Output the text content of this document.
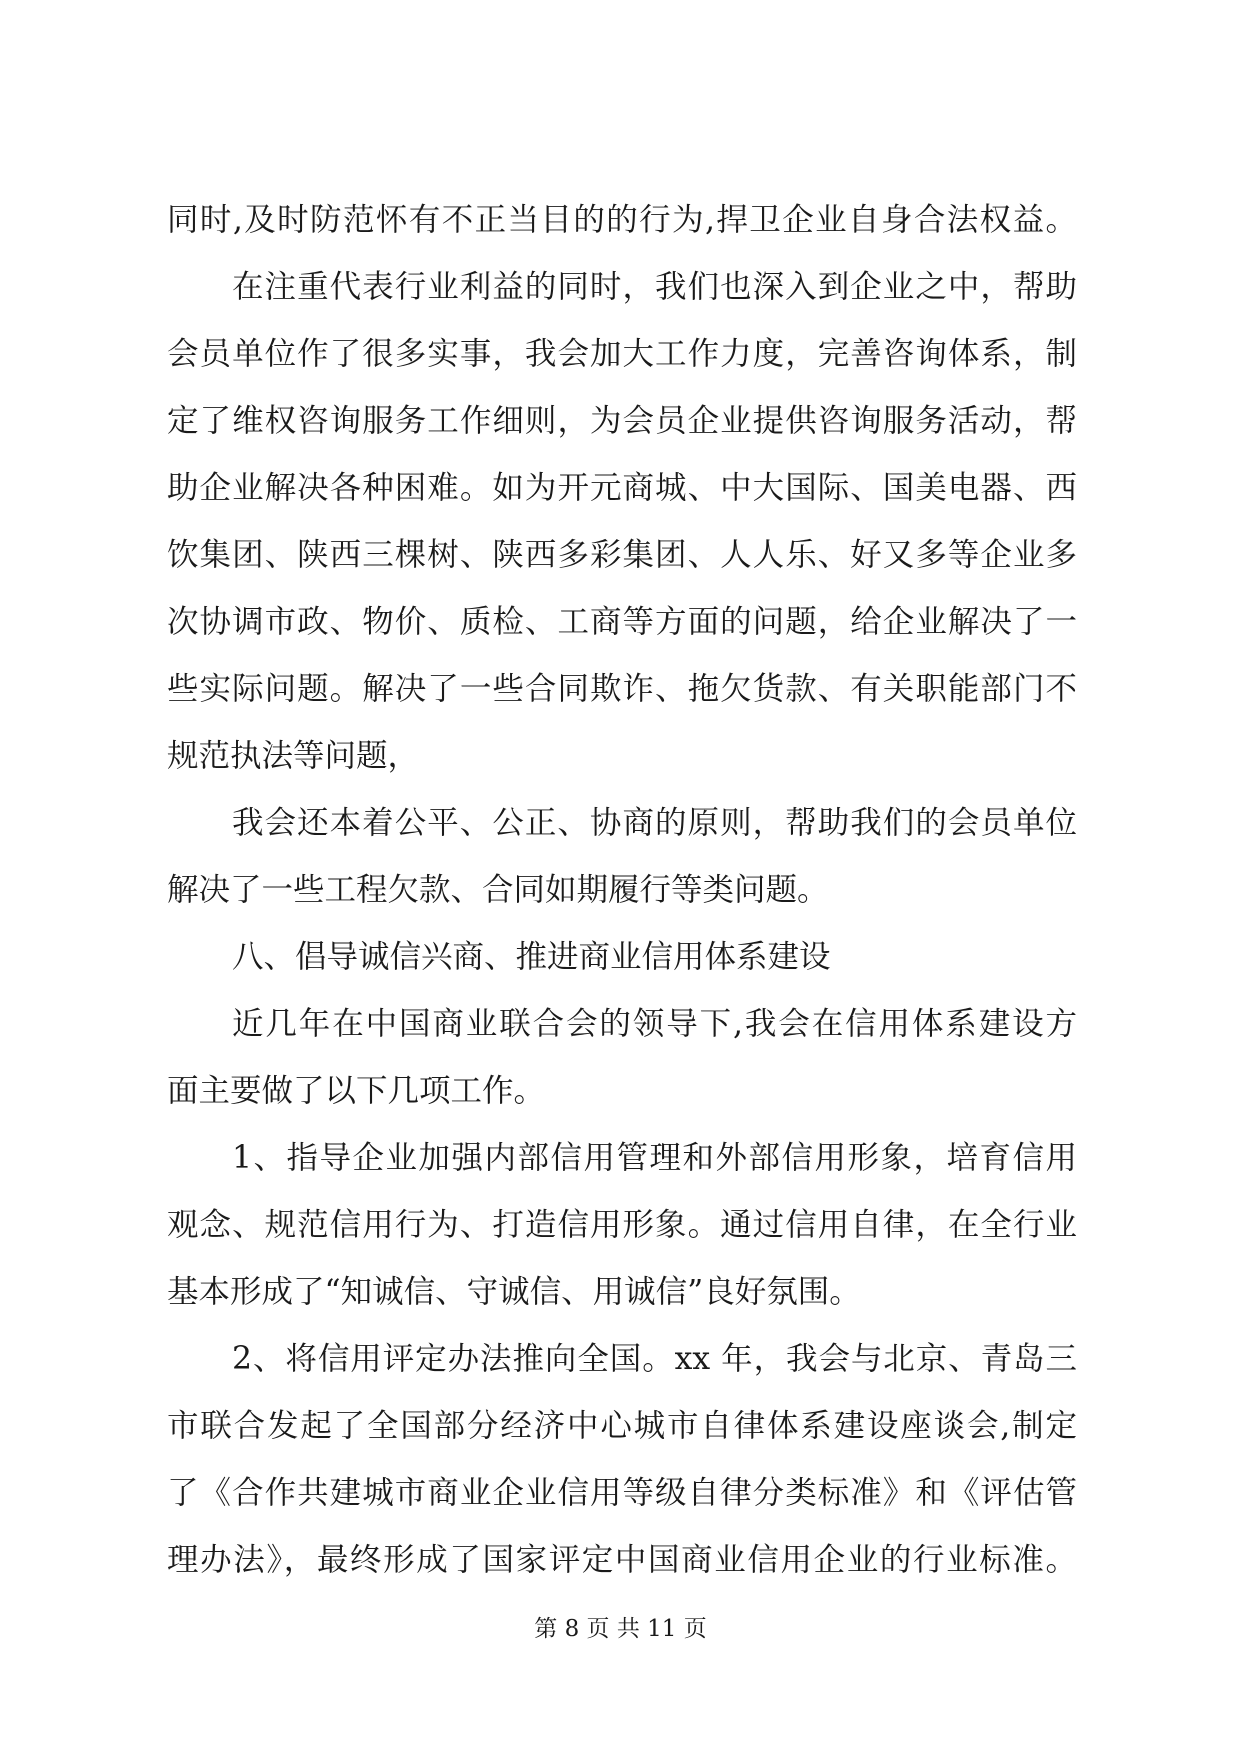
同时,及时防范怀有不正当目的的行为,捍卫企业自身合法权益。
在注重代表行业利益的同时，我们也深入到企业之中，帮助
会员单位作了很多实事，我会加大工作力度，完善咨询体系，制
定了维权咨询服务工作细则，为会员企业提供咨询服务活动，帮
助企业解决各种困难。如为开元商城、中大国际、国美电器、西
饮集团、陕西三棵树、陕西多彩集团、人人乐、好又多等企业多
次协调市政、物价、质检、工商等方面的问题，给企业解决了一
些实际问题。解决了一些合同欺诈、拖欠货款、有关职能部门不
规范执法等问题，
我会还本着公平、公正、协商的原则，帮助我们的会员单位
解决了一些工程欠款、合同如期履行等类问题。
八、倡导诚信兴商、推进商业信用体系建设
近几年在中国商业联合会的领导下,我会在信用体系建设方
面主要做了以下几项工作。
1、指导企业加强内部信用管理和外部信用形象，培育信用
观念、规范信用行为、打造信用形象。通过信用自律，在全行业
基本形成了“知诚信、守诚信、用诚信”良好氛围。
2、将信用评定办法推向全国。xx 年，我会与北京、青岛三
市联合发起了全国部分经济中心城市自律体系建设座谈会,制定
了《合作共建城市商业企业信用等级自律分类标准》和《评估管
理办法》，最终形成了国家评定中国商业信用企业的行业标准。
第 8 页 共 11 页
